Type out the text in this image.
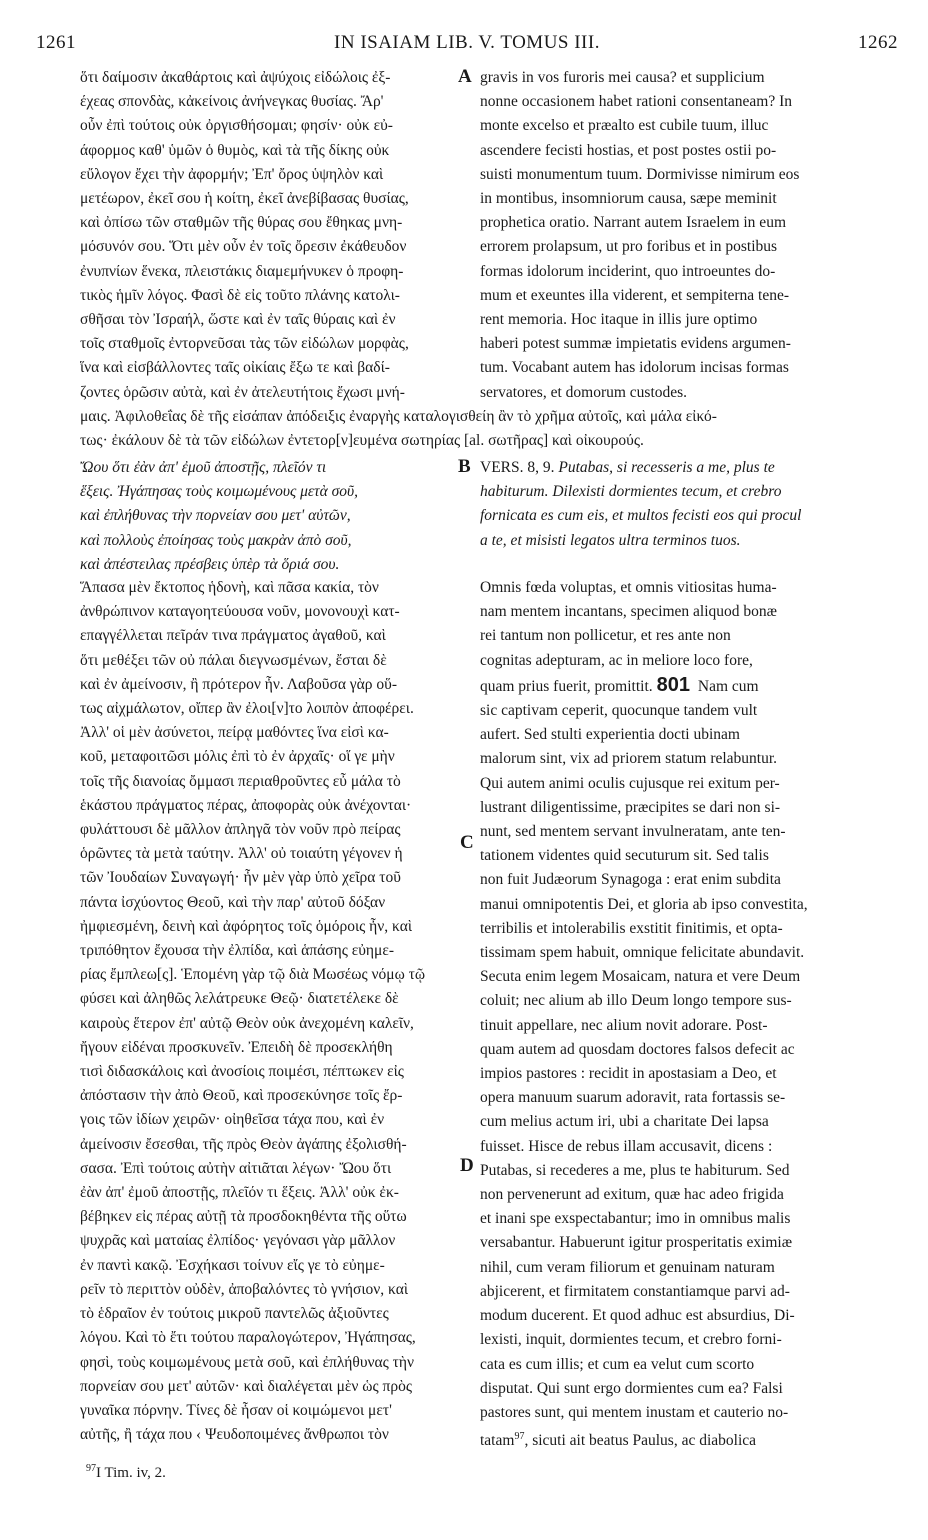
1261	IN ISAIAM LIB. V. TOMUS III.	1262
A
B
C
D
ὅτι δαίμοσιν ἀκαθάρτοις καὶ ἀψύχοις εἰδώλοις ἐξ-
έχεας σπονδὰς, κἀκείνοις ἀνήνεγκας θυσίας. Ἄρ'
οὖν ἐπὶ τούτοις οὐκ ὀργισθήσομαι; φησίν· οὐκ εὐ-
άφορμος καθ' ὑμῶν ὁ θυμὸς, καὶ τὰ τῆς δίκης οὐκ
εὔλογον ἔχει τὴν ἀφορμήν; Ἐπ' ὄρος ὑψηλὸν καὶ
μετέωρον, ἐκεῖ σου ἡ κοίτη, ἐκεῖ ἀνεβίβασας θυσίας,
καὶ ὀπίσω τῶν σταθμῶν τῆς θύρας σου ἔθηκας μνη-
μόσυνόν σου. Ὅτι μὲν οὖν ἐν τοῖς ὄρεσιν ἐκάθευδον
ἐνυπνίων ἕνεκα, πλειστάκις διαμεμήνυκεν ὁ προφη-
τικὸς ἡμῖν λόγος. Φασὶ δὲ εἰς τοῦτο πλάνης κατολι-
σθῆσαι τὸν Ἰσραήλ, ὥστε καὶ ἐν ταῖς θύραις καὶ ἐν
τοῖς σταθμοῖς ἐντορνεῦσαι τὰς τῶν εἰδώλων μορφὰς,
ἵνα καὶ εἰσβάλλοντες ταῖς οἰκίαις ἔξω τε καὶ βαδί-
ζοντες ὁρῶσιν αὐτὰ, καὶ ἐν ἀτελευτήτοις ἔχωσι μνή-
gravis in vos furoris mei causa? et supplicium
nonne occasionem habet rationi consentaneam? In
monte excelso et præalto est cubile tuum, illuc
ascendere fecisti hostias, et post postes ostii po-
suisti monumentum tuum. Dormivisse nimirum eos
in montibus, insomniorum causa, sæpe meminit
prophetica oratio. Narrant autem Israelem in eum
errorem prolapsum, ut pro foribus et in postibus
formas idolorum inciderint, quo introeuntes do-
mum et exeuntes illa viderent, et sempiterna tene-
rent memoria. Hoc itaque in illis jure optimo
haberi potest summæ impietatis evidens argumen-
tum. Vocabant autem has idolorum incisas formas
servatores, et domorum custodes.
μαις. Ἀφιλοθεΐας δὲ τῆς εἰσάπαν ἀπόδειξις ἐναργὴς καταλογισθείη ἂν τὸ χρῆμα αὐτοῖς, καὶ μάλα εἰκό-
τως· ἐκάλουν δὲ τὰ τῶν εἰδώλων ἐντετορ[ν]ευμένα σωτηρίας [al. σωτῆρας] καὶ οἰκουρούς.
Ὤου ὅτι ἐὰν ἀπ' ἐμοῦ ἀποστῇς, πλεῖόν τι
ἕξεις. Ἠγάπησας τοὺς κοιμωμένους μετὰ σοῦ,
καὶ ἐπλήθυνας τὴν πορνείαν σου μετ' αὐτῶν,
καὶ πολλοὺς ἐποίησας τοὺς μακρὰν ἀπὸ σοῦ,
καὶ ἀπέστειλας πρέσβεις ὑπὲρ τὰ ὅριά σου.
VERS. 8, 9. Putabas, si recesseris a me, plus te
habiturum. Dilexisti dormientes tecum, et crebro
fornicata es cum eis, et multos fecisti eos qui procul
a te, et misisti legatos ultra terminos tuos.
Ἅπασα μὲν ἔκτοπος ἡδονὴ, καὶ πᾶσα κακία, τὸν
ἀνθρώπινον καταγοητεύουσα νοῦν, μονονουχὶ κατ-
επαγγέλλεται πεῖράν τινα πράγματος ἀγαθοῦ, καὶ
ὅτι μεθέξει τῶν οὐ πάλαι διεγνωσμένων, ἔσται δὲ
καὶ ἐν ἀμείνοσιν, ἢ πρότερον ἦν. Λαβοῦσα γὰρ οὕ-
τως αἰχμάλωτον, οἴπερ ἂν ἐλοι[ν]το λοιπὸν ἀποφέρει.
Ἀλλ' οἱ μὲν ἀσύνετοι, πείρᾳ μαθόντες ἵνα εἰσὶ κα-
κοῦ, μεταφοιτῶσι μόλις ἐπὶ τὸ ἐν ἀρχαῖς· οἵ γε μὴν
τοῖς τῆς διανοίας ὄμμασι περιαθροῦντες εὖ μάλα τὸ
ἑκάστου πράγματος πέρας, ἀποφορὰς οὐκ ἀνέχονται·
φυλάττουσι δὲ μᾶλλον ἀπληγᾶ τὸν νοῦν πρὸ πείρας
ὁρῶντες τὰ μετὰ ταύτην. Ἀλλ' οὐ τοιαύτη γέγονεν ἡ
τῶν Ἰουδαίων Συναγωγή· ἦν μὲν γὰρ ὑπὸ χεῖρα τοῦ
πάντα ἰσχύοντος Θεοῦ, καὶ τὴν παρ' αὐτοῦ δόξαν
ἠμφιεσμένη, δεινὴ καὶ ἀφόρητος τοῖς ὁμόροις ἦν, καὶ
τριπόθητον ἔχουσα τὴν ἐλπίδα, καὶ ἁπάσης εὐημε-
ρίας ἔμπλεω[ς]. Ἑπομένη γὰρ τῷ διὰ Μωσέως νόμῳ τῷ
φύσει καὶ ἀληθῶς λελάτρευκε Θεῷ· διατετέλεκε δὲ
καιροὺς ἕτερον ἐπ' αὐτῷ Θεὸν οὐκ ἀνεχομένη καλεῖν,
ἤγουν εἰδέναι προσκυνεῖν. Ἐπειδὴ δὲ προσεκλήθη
τισὶ διδασκάλοις καὶ ἀνοσίοις ποιμέσι, πέπτωκεν εἰς
ἀπόστασιν τὴν ἀπὸ Θεοῦ, καὶ προσεκύνησε τοῖς ἔρ-
γοις τῶν ἰδίων χειρῶν· οἰηθεῖσα τάχα που, καὶ ἐν
ἀμείνοσιν ἔσεσθαι, τῆς πρὸς Θεὸν ἀγάπης ἐξολισθή-
σασα. Ἐπὶ τούτοις αὐτὴν αἰτιᾶται λέγων· Ὤου ὅτι
ἐὰν ἀπ' ἐμοῦ ἀποστῇς, πλεῖόν τι ἕξεις. Ἀλλ' οὐκ ἐκ-
βέβηκεν εἰς πέρας αὐτῇ τὰ προσδοκηθέντα τῆς οὕτω
ψυχρᾶς καὶ ματαίας ἐλπίδος· γεγόνασι γὰρ μᾶλλον
ἐν παντὶ κακῷ. Ἐσχήκασι τοίνυν εἴς γε τὸ εὐημε-
ρεῖν τὸ περιττὸν οὐδὲν, ἀποβαλόντες τὸ γνήσιον, καὶ
τὸ ἑδραῖον ἐν τούτοις μικροῦ παντελῶς ἀξιοῦντες
λόγου. Καὶ τὸ ἔτι τούτου παραλογώτερον, Ἠγάπησας,
φησὶ, τοὺς κοιμωμένους μετὰ σοῦ, καὶ ἐπλήθυνας τὴν
πορνείαν σου μετ' αὐτῶν· καὶ διαλέγεται μὲν ὡς πρὸς
γυναῖκα πόρνην. Τίνες δὲ ἦσαν οἱ κοιμώμενοι μετ'
αὐτῆς, ἢ τάχα που ‹ Ψευδοποιμένες ἄνθρωποι τὸν
Omnis fœda voluptas, et omnis vitiositas huma-
nam mentem incantans, specimen aliquod bonæ
rei tantum non pollicetur, et res ante non
cognitas adepturam, ac in meliore loco fore,
quam prius fuerit, promittit. 801 Nam cum
sic captivam ceperit, quocunque tandem vult
aufert. Sed stulti experientia docti ubinam
malorum sint, vix ad priorem statum relabuntur.
Qui autem animi oculis cujusque rei exitum per-
lustrant diligentissime, præcipites se dari non si-
nunt, sed mentem servant invulneratam, ante ten-
tationem videntes quid secuturum sit. Sed talis
non fuit Judæorum Synagoga : erat enim subdita
manui omnipotentis Dei, et gloria ab ipso convestita,
terribilis et intolerabilis exstitit finitimis, et opta-
tissimam spem habuit, omnique felicitate abundavit.
Secuta enim legem Mosaicam, natura et vere Deum
coluit; nec alium ab illo Deum longo tempore sus-
tinuit appellare, nec alium novit adorare. Post-
quam autem ad quosdam doctores falsos defecit ac
impios pastores : recidit in apostasiam a Deo, et
opera manuum suarum adoravit, rata fortassis se-
cum melius actum iri, ubi a charitate Dei lapsa
fuisset. Hisce de rebus illam accusavit, dicens :
Putabas, si recederes a me, plus te habiturum. Sed
non pervenerunt ad exitum, quæ hac adeo frigida
et inani spe exspectabantur; imo in omnibus malis
versabantur. Habuerunt igitur prosperitatis eximiæ
nihil, cum veram filiorum et genuinam naturam
abjicerent, et firmitatem constantiamque parvi ad-
modum ducerent. Et quod adhuc est absurdius, Di-
lexisti, inquit, dormientes tecum, et crebro forni-
cata es cum illis; et cum ea velut cum scorto
disputat. Qui sunt ergo dormientes cum ea? Falsi
pastores sunt, qui mentem inustam et cauterio no-
tatam$^{97}$, sicuti ait beatus Paulus, ac diabolica
$^{97}$I Tim. iv, 2.
